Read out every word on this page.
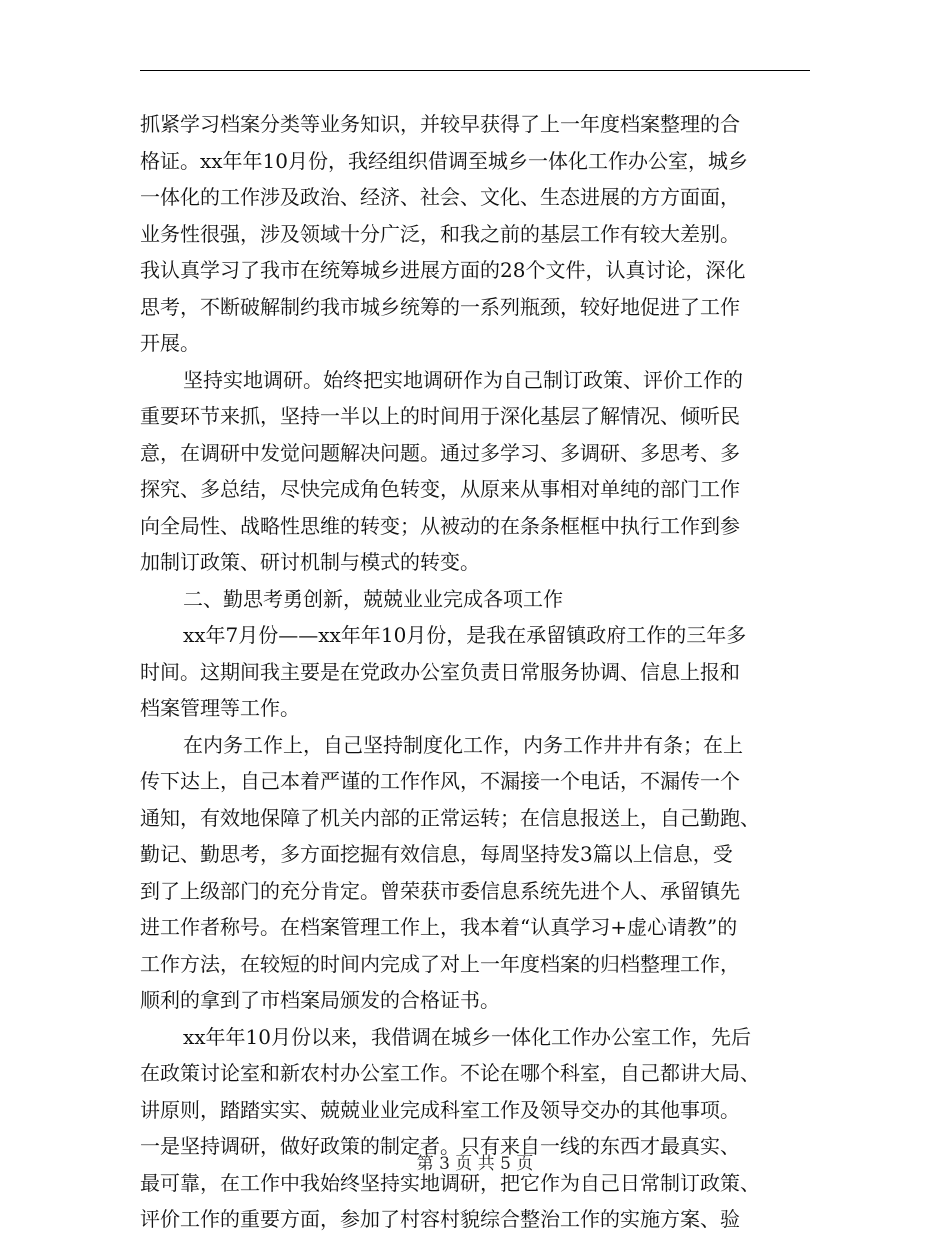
抓紧学习档案分类等业务知识，并较早获得了上一年度档案整理的合
格证。xx年年10月份，我经组织借调至城乡一体化工作办公室，城乡
一体化的工作涉及政治、经济、社会、文化、生态进展的方方面面，
业务性很强，涉及领域十分广泛，和我之前的基层工作有较大差别。
我认真学习了我市在统筹城乡进展方面的28个文件，认真讨论，深化
思考，不断破解制约我市城乡统筹的一系列瓶颈，较好地促进了工作
开展。
坚持实地调研。始终把实地调研作为自己制订政策、评价工作的
重要环节来抓，坚持一半以上的时间用于深化基层了解情况、倾听民
意，在调研中发觉问题解决问题。通过多学习、多调研、多思考、多
探究、多总结，尽快完成角色转变，从原来从事相对单纯的部门工作
向全局性、战略性思维的转变；从被动的在条条框框中执行工作到参
加制订政策、研讨机制与模式的转变。
二、勤思考勇创新，兢兢业业完成各项工作
xx年7月份——xx年年10月份，是我在承留镇政府工作的三年多
时间。这期间我主要是在党政办公室负责日常服务协调、信息上报和
档案管理等工作。
在内务工作上，自己坚持制度化工作，内务工作井井有条；在上
传下达上，自己本着严谨的工作作风，不漏接一个电话，不漏传一个
通知，有效地保障了机关内部的正常运转；在信息报送上，自己勤跑、
勤记、勤思考，多方面挖掘有效信息，每周坚持发3篇以上信息，受
到了上级部门的充分肯定。曾荣获市委信息系统先进个人、承留镇先
进工作者称号。在档案管理工作上，我本着“认真学习+虚心请教”的
工作方法，在较短的时间内完成了对上一年度档案的归档整理工作，
顺利的拿到了市档案局颁发的合格证书。
xx年年10月份以来，我借调在城乡一体化工作办公室工作，先后
在政策讨论室和新农村办公室工作。不论在哪个科室，自己都讲大局、
讲原则，踏踏实实、兢兢业业完成科室工作及领导交办的其他事项。
一是坚持调研，做好政策的制定者。只有来自一线的东西才最真实、
最可靠，在工作中我始终坚持实地调研，把它作为自己日常制订政策、
评价工作的重要方面，参加了村容村貌综合整治工作的实施方案、验
第 3 页 共 5 页
